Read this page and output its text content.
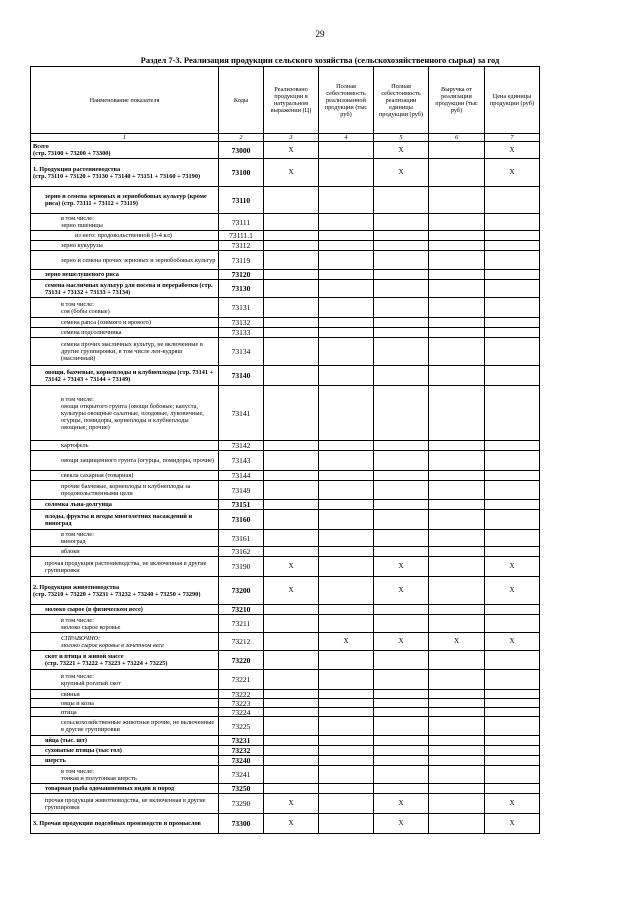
29
Раздел 7-3. Реализация продукции сельского хозяйства (сельскохозяйственного сырья) за год
Наименование показателя	Коды	Реализовано продукции в натуральном выражении (Ц)	Полная себестоимость реализованной продукции (тыс руб)	Полная себестоимость реализации единицы продукции (руб)	Выручка от реализации продукции (тыс руб)	Цена единицы продукции (руб)
1	2	3	4	5	6	7
Всего
(стр. 73100 + 73200 + 73300)	73000	X		X		X
1. Продукция растениеводства
(стр. 73110 + 73120 + 73130 + 73140 + 73151 + 73160 + 73190)	73100	X		X		X
зерно и семена зерновых и зернобобовых культур (кроме риса) (стр. 73111 + 73112 + 73119)	73110					
в том числе:
зерно пшеницы	73111					
из него: продовольственной (3-4 кл)	73111.1					
зерно кукурузы	73112					
зерно и семена прочих зерновых и зернобобовых культур	73119					
зерно нешелушеного риса	73120					
семена масличных культур для посева и переработки (стр. 73131 + 73132 + 73133 + 73134)	73130					
в том числе:
соя (бобы соевые)	73131					
семена рапса (озимого и ярового)	73132					
семена подсолнечника	73133					
семена прочих масличных культур, не включенные в другие группировки, в том числе лен-кудряш (масличный)	73134					
овощи, бахчевые, корнеплоды и клубнеплоды (стр. 73141 + 73142 + 73143 + 73144 + 73149)	73140					
в том числе:
овощи открытого грунта (овощи бобовые; капуста, культуры овощные салатные, плодовые, луковичные, огурцы, помидоры, корнеплоды и клубнеплоды овощные; прочие)	73141					
картофель	73142					
овощи защищенного грунта (огурцы, помидоры, прочие)	73143					
свекла сахарная (товарная)	73144					
прочие бахчевые, корнеплоды и клубнеплоды за продовольственными цели	73149					
соломка льна-долгунца	73151					
плоды, фрукты и ягоды многолетних насаждений и виноград	73160					
в том числе:
виноград	73161					
яблоки	73162					
прочая продукция растениеводства, не включенная в другие группировки	73190	X		X		X
2. Продукция животноводства
(стр. 73210 + 73220 + 73231 + 73232 + 73240 + 73250 + 73290)	73200	X		X		X
молоко сырое (в физическом весе)	73210					
в том числе:
молоко сырое коровье	73211					
СПРАВОЧНО:
молоко сырое коровье в зачетном весе	73212		X	X	X	X
скот и птица в живой массе
(стр. 73221 + 73222 + 73223 + 73224 + 73225)	73220					
в том числе:
крупный рогатый скот	73221					
свиньи	73222					
овцы и козы	73223					
птица	73224					
сельскохозяйственные животные прочие, не включенные в другие группировки	73225					
яйца (тыс. шт)	73231					
суховатые птицы (тыс гол)	73232					
шерсть	73240					
в том числе:
тонкая и полутонкая шерсть	73241					
товарная рыба одомашненных видов и пород	73250					
прочая продукция животноводства, не включенная в другие группировки	73290	X		X		X
3. Прочая продукция подсобных производств и промыслов	73300	X		X		X
